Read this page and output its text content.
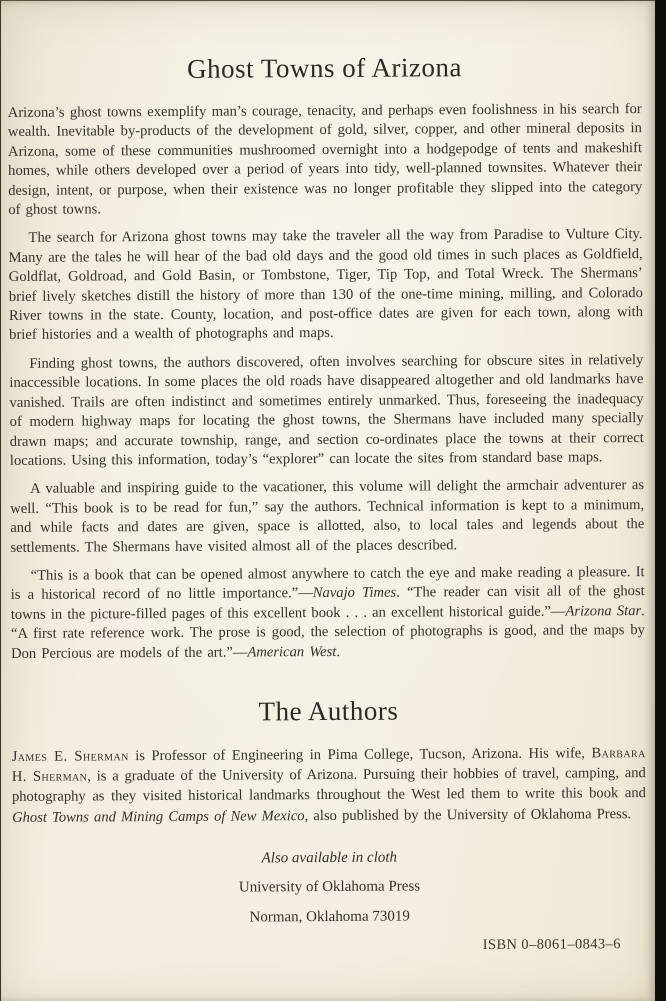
Ghost Towns of Arizona

Arizona’s ghost towns exemplify man’s courage, tenacity, and perhaps even foolishness in his search for wealth. Inevitable by-products of the development of gold, silver, copper, and other mineral deposits in Arizona, some of these communities mushroomed overnight into a hodgepodge of tents and makeshift homes, while others developed over a period of years into tidy, well-planned townsites. Whatever their design, intent, or purpose, when their existence was no longer profitable they slipped into the category of ghost towns.

The search for Arizona ghost towns may take the traveler all the way from Paradise to Vulture City. Many are the tales he will hear of the bad old days and the good old times in such places as Goldfield, Goldflat, Goldroad, and Gold Basin, or Tombstone, Tiger, Tip Top, and Total Wreck. The Shermans’ brief lively sketches distill the history of more than 130 of the one-time mining, milling, and Colorado River towns in the state. County, location, and post-office dates are given for each town, along with brief histories and a wealth of photographs and maps.

Finding ghost towns, the authors discovered, often involves searching for obscure sites in relatively inaccessible locations. In some places the old roads have disappeared altogether and old landmarks have vanished. Trails are often indistinct and sometimes entirely unmarked. Thus, foreseeing the inadequacy of modern highway maps for locating the ghost towns, the Shermans have included many specially drawn maps; and accurate township, range, and section co-ordinates place the towns at their correct locations. Using this information, today’s “explorer” can locate the sites from standard base maps.

A valuable and inspiring guide to the vacationer, this volume will delight the armchair adventurer as well. “This book is to be read for fun,” say the authors. Technical information is kept to a minimum, and while facts and dates are given, space is allotted, also, to local tales and legends about the settlements. The Shermans have visited almost all of the places described.

“This is a book that can be opened almost anywhere to catch the eye and make reading a pleasure. It is a historical record of no little importance.”—Navajo Times. “The reader can visit all of the ghost towns in the picture-filled pages of this excellent book . . . an excellent historical guide.”—Arizona Star. “A first rate reference work. The prose is good, the selection of photographs is good, and the maps by Don Percious are models of the art.”—American West.

The Authors

James E. Sherman is Professor of Engineering in Pima College, Tucson, Arizona. His wife, Barbara H. Sherman, is a graduate of the University of Arizona. Pursuing their hobbies of travel, camping, and photography as they visited historical landmarks throughout the West led them to write this book and Ghost Towns and Mining Camps of New Mexico, also published by the University of Oklahoma Press.

Also available in cloth

University of Oklahoma Press

Norman, Oklahoma 73019

ISBN 0–8061–0843–6
